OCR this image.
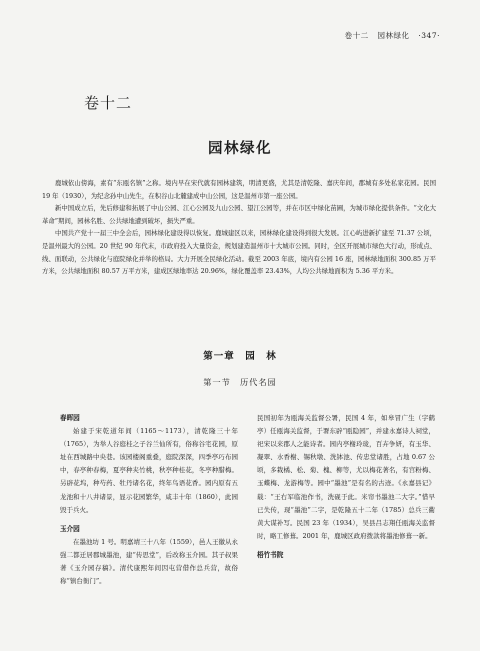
卷十二 园林绿化 ·347·
卷十二
园林绿化

鹿城依山傍海，素有“东瓯名镇”之称。境内早在宋代就有园林建筑，明清更盛，尤其是清乾隆、嘉庆年间，郡城有多处私家花园。民国 19 年（1930），为纪念孙中山先生，在积谷山北麓建成中山公园，这是温州市第一座公园。

新中国成立后，先后修建和拓展了中山公园、江心公园及九山公园、望江公园等，并在市区中绿化苗圃，为城市绿化提供条件。“文化大革命”期间，园林名胜、公共绿地遭到破坏，损失严重。

中国共产党十一届三中全会后，园林绿化建设得以恢复。鹿城建区以来，园林绿化建设得到很大发展。江心屿进新扩建至 71.37 公顷，是温州最大的公园。20 世纪 90 年代末，市政府投入大量资金，规划建造温州市十大城市公园。同时，全区开展城市绿色大行动，形成点、线、面联动，公共绿化与庭院绿化并举的格局。大力开展全民绿化活动。截至 2003 年底，境内有公园 16 座，园林绿地面积 300.85 万平方米，公共绿地面积 80.57 万平方米，建成区绿地率达 20.96%，绿化覆盖率 23.43%，人均公共绿地面积为 5.36 平方米。

第一章　园　林
第一节　历代名园
春晖园

始建于宋乾道年间（1165～1173），清乾隆三十年（1765），为举人谷庭桂之子谷兰仙所有，俗称谷宅花园，原址在西城路中央巷。该园楼阁重叠，庭院深深，四季亭巧布园中，春亭种春梅，夏亭种夹竹桃，秋亭种桂花，冬亭种腊梅。另辟花坞，种芍药、牡丹诸名花，终年鸟语花香。园内原有五龙池和十八井诸景，显示花园繁华，咸丰十年（1860），此园毁于兵火。

玉介园

在墨池坊 1 号。明嘉靖三十八年（1559），邑人王徽从永强二都迁居郡城墨池，建“传思堂”，后改称玉介园。其子叔果著《玉介园存稿》。清代康熙年间因屯营借作总兵营，故俗称“镇台衙门”。

民国初年为瓯海关监督公署，民国 4 年，如皋冒广生（字鹤亭）任瓯海关监督，于署东辟“瓯隐园”，并建永嘉诗人祠堂，祀宋以来郡人之能诗者。园内亭榭玲珑，百卉争妍，有玉华、凝翠、水香榭、锡秋墩、洗钵池、传忠堂诸胜，占地 0.67 公顷，多栽橘、松、菊、槐、柳等，尤以梅花著名，有宫粉梅、玉蝶梅、龙游梅等。园中“墨池”是有名的古迹。《永嘉县记》载：“王右军临池作书，洗砚于此。米帘书墨池二大字。”惜早已失传，现“墨池”二字，是乾隆五十二年（1785）总兵三衢黄大谋补写。民国 23 年（1934），吴县吕志翔任瓯海关监督时，略工修葺。2001 年，鹿城区政府拨款将墨池修葺一新。

梧竹书院
